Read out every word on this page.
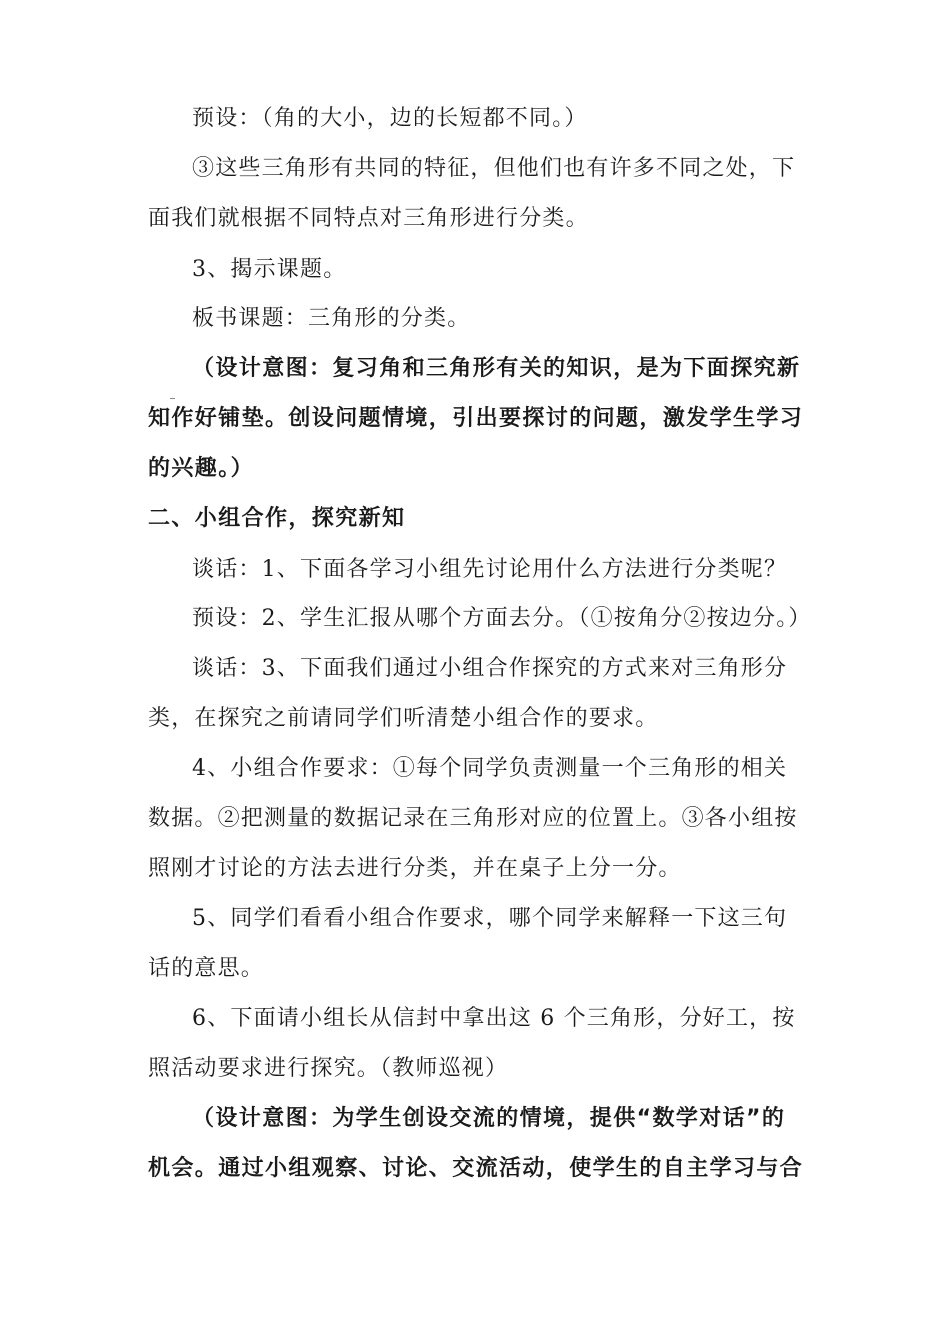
预设：（角的大小，边的长短都不同。）
③这些三角形有共同的特征，但他们也有许多不同之处，下
面我们就根据不同特点对三角形进行分类。
3、揭示课题。
板书课题：三角形的分类。
（设计意图：复习角和三角形有关的知识，是为下面探究新
知作好铺垫。创设问题情境，引出要探讨的问题，激发学生学习
的兴趣。）
二、小组合作，探究新知
谈话：1、下面各学习小组先讨论用什么方法进行分类呢？
预设：2、学生汇报从哪个方面去分。（①按角分②按边分。）
谈话：3、下面我们通过小组合作探究的方式来对三角形分
类，在探究之前请同学们听清楚小组合作的要求。
4、小组合作要求：①每个同学负责测量一个三角形的相关
数据。②把测量的数据记录在三角形对应的位置上。③各小组按
照刚才讨论的方法去进行分类，并在桌子上分一分。
5、同学们看看小组合作要求，哪个同学来解释一下这三句
话的意思。
6、下面请小组长从信封中拿出这 6 个三角形，分好工，按
照活动要求进行探究。（教师巡视）
（设计意图：为学生创设交流的情境，提供“数学对话”的
机会。通过小组观察、讨论、交流活动，使学生的自主学习与合
